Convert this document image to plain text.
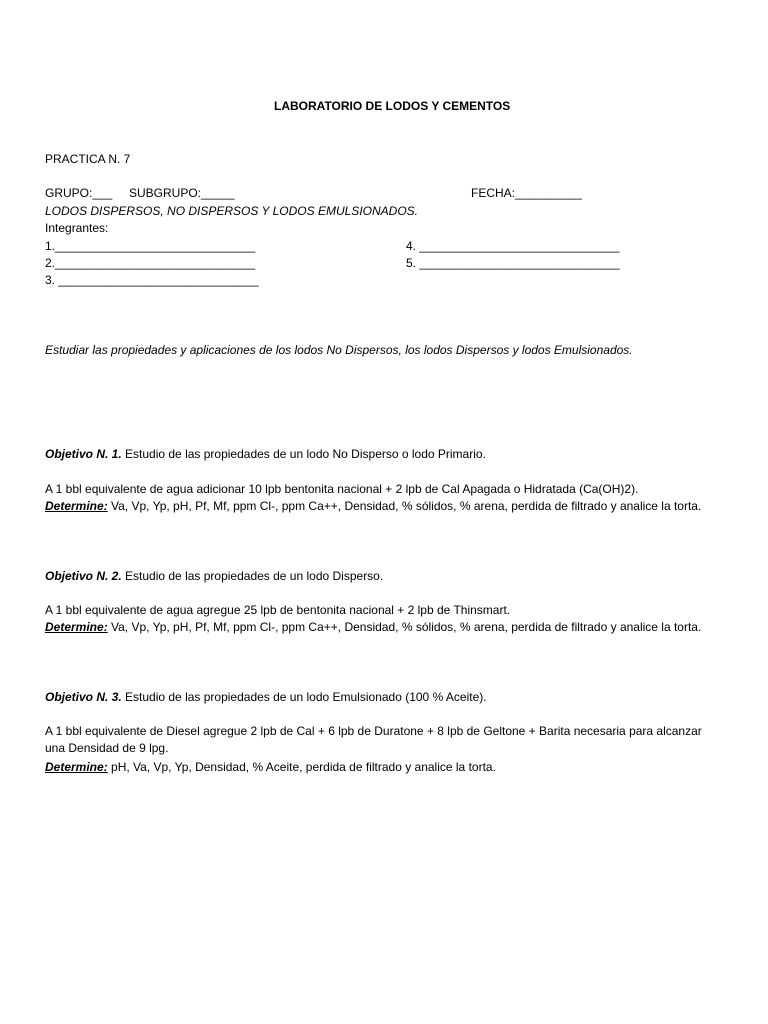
LABORATORIO DE LODOS Y CEMENTOS
PRACTICA N. 7
GRUPO:___ SUBGRUPO:_____	FECHA:__________
LODOS DISPERSOS, NO DISPERSOS Y LODOS EMULSIONADOS.
Integrantes:
1.______________________________
2.______________________________
3. ______________________________
4. ______________________________
5. ______________________________
Estudiar las propiedades y aplicaciones de los lodos No Dispersos, los lodos Dispersos y lodos Emulsionados.
Objetivo N. 1. Estudio de las propiedades de un lodo No Disperso o lodo Primario.
A 1 bbl equivalente de agua adicionar 10 lpb bentonita nacional + 2 lpb de Cal Apagada o Hidratada (Ca(OH)2).
Determine: Va, Vp, Yp, pH, Pf, Mf, ppm Cl-, ppm Ca++, Densidad, % sólidos, % arena, perdida de filtrado y analice la torta.
Objetivo N. 2. Estudio de las propiedades de un lodo Disperso.
A 1 bbl equivalente de agua agregue 25 lpb de bentonita nacional + 2 lpb de Thinsmart.
Determine: Va, Vp, Yp, pH, Pf, Mf, ppm Cl-, ppm Ca++, Densidad, % sólidos, % arena, perdida de filtrado y analice la torta.
Objetivo N. 3. Estudio de las propiedades de un lodo Emulsionado (100 % Aceite).
A 1 bbl equivalente de Diesel agregue 2 lpb de Cal + 6 lpb de Duratone + 8 lpb de Geltone + Barita necesaria para alcanzar una Densidad de 9 lpg.
Determine: pH, Va, Vp, Yp, Densidad, % Aceite, perdida de filtrado y analice la torta.
